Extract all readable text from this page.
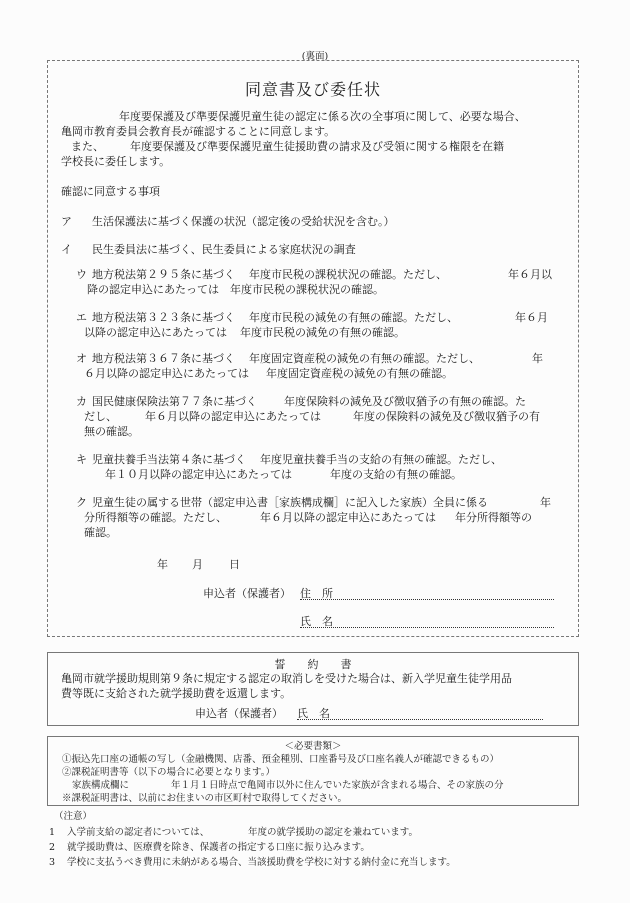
(裏面)
同意書及び委任状
年度要保護及び準要保護児童生徒の認定に係る次の全事項に関して、必要な場合、
亀岡市教育委員会教育長が確認することに同意します。
また、 年度要保護及び準要保護児童生徒援助費の請求及び受領に関する権限を在籍
学校長に委任します。
確認に同意する事項
ア 生活保護法に基づく保護の状況（認定後の受給状況を含む。）
イ 民生委員法に基づく、民生委員による家庭状況の調査
ウ 地方税法第２９５条に基づく 年度市民税の課税状況の確認。ただし、	年６月以
降の認定申込にあたっては 年度市民税の課税状況の確認。
エ 地方税法第３２３条に基づく 年度市民税の減免の有無の確認。ただし、	年６月
以降の認定申込にあたっては 年度市民税の減免の有無の確認。
オ 地方税法第３６７条に基づく 年度固定資産税の減免の有無の確認。ただし、	年
６月以降の認定申込にあたっては 年度固定資産税の減免の有無の確認。
カ 国民健康保険法第７７条に基づく 年度保険料の減免及び徴収猶予の有無の確認。た
だし、	年６月以降の認定申込にあたっては	年度の保険料の減免及び徴収猶予の有
無の確認。
キ 児童扶養手当法第４条に基づく 年度児童扶養手当の支給の有無の確認。ただし、
年１０月以降の認定申込にあたっては	年度の支給の有無の確認。
ク 児童生徒の属する世帯（認定申込書［家族構成欄］に記入した家族）全員に係る	年
分所得額等の確認。ただし、	年６月以降の認定申込にあたっては 年分所得額等の
確認。
年 月 日
申込者（保護者） 住　所
氏　名
誓　　約　　書
亀岡市就学援助規則第９条に規定する認定の取消しを受けた場合は、新入学児童生徒学用品
費等既に支給された就学援助費を返還します。
申込者（保護者） 氏　名
＜必要書類＞
①振込先口座の通帳の写し（金融機関、店番、預金種別、口座番号及び口座名義人が確認できるもの）
②課税証明書等（以下の場合に必要となります。）
家族構成欄に	年１月１日時点で亀岡市以外に住んでいた家族が含まれる場合、その家族の分
※課税証明書は、以前にお住まいの市区町村で取得してください。
（注意）
1 入学前支給の認定者については、	年度の就学援助の認定を兼ねています。
2 就学援助費は、医療費を除き、保護者の指定する口座に振り込みます。
3 学校に支払うべき費用に未納がある場合、当該援助費を学校に対する納付金に充当します。
